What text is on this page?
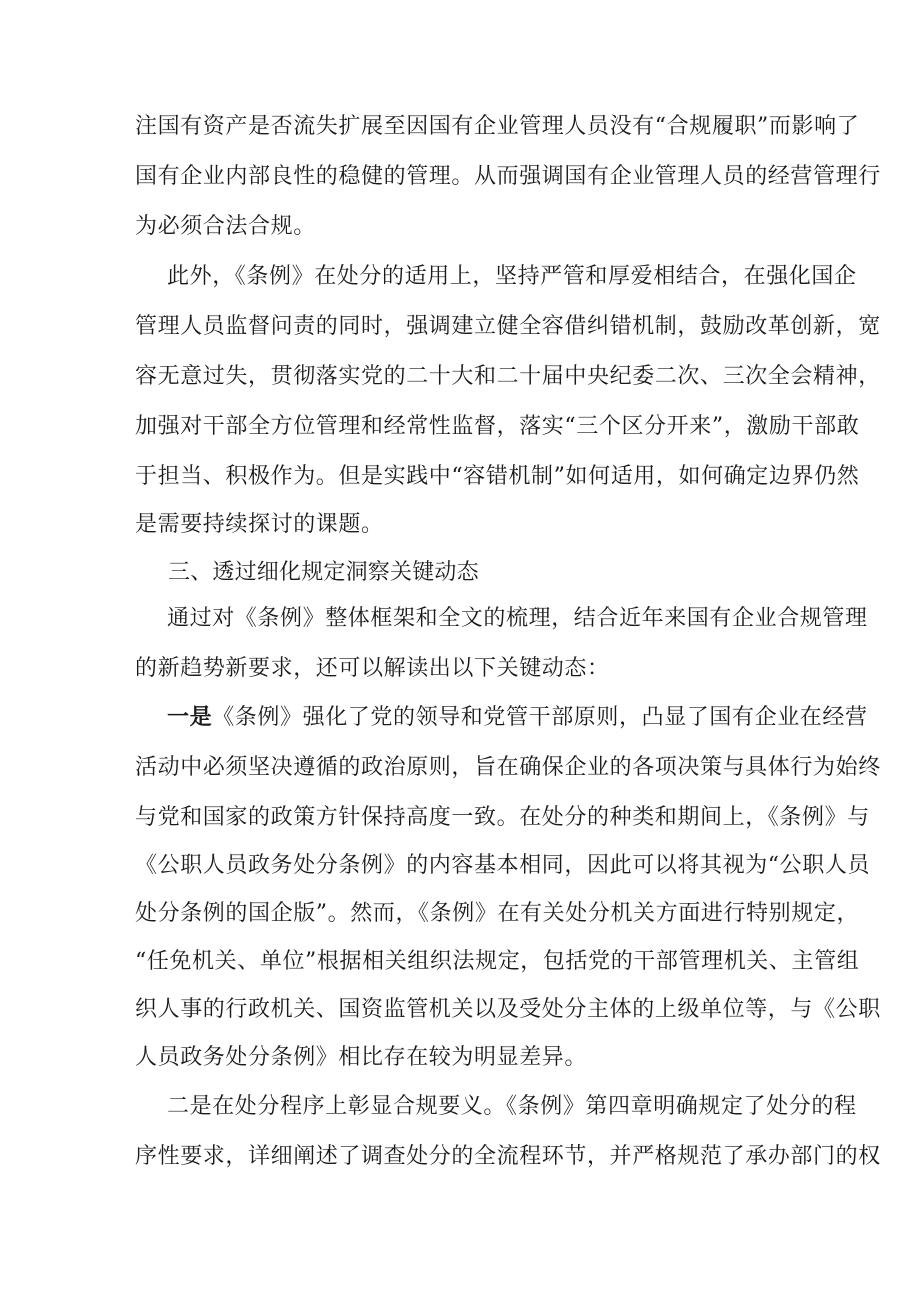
注国有资产是否流失扩展至因国有企业管理人员没有“合规履职”而影响了
国有企业内部良性的稳健的管理。从而强调国有企业管理人员的经营管理行
为必须合法合规。
此外，《条例》在处分的适用上，坚持严管和厚爱相结合，在强化国企
管理人员监督问责的同时，强调建立健全容借纠错机制，鼓励改革创新，宽
容无意过失，贯彻落实党的二十大和二十届中央纪委二次、三次全会精神，
加强对干部全方位管理和经常性监督，落实“三个区分开来”，激励干部敢
于担当、积极作为。但是实践中“容错机制”如何适用，如何确定边界仍然
是需要持续探讨的课题。
三、透过细化规定洞察关键动态
通过对《条例》整体框架和全文的梳理，结合近年来国有企业合规管理
的新趋势新要求，还可以解读出以下关键动态：
一是《条例》强化了党的领导和党管干部原则，凸显了国有企业在经营
活动中必须坚决遵循的政治原则，旨在确保企业的各项决策与具体行为始终
与党和国家的政策方针保持高度一致。在处分的种类和期间上，《条例》与
《公职人员政务处分条例》的内容基本相同，因此可以将其视为“公职人员
处分条例的国企版”。然而，《条例》在有关处分机关方面进行特别规定，
“任免机关、单位”根据相关组织法规定，包括党的干部管理机关、主管组
织人事的行政机关、国资监管机关以及受处分主体的上级单位等，与《公职
人员政务处分条例》相比存在较为明显差异。
二是在处分程序上彰显合规要义。《条例》第四章明确规定了处分的程
序性要求，详细阐述了调查处分的全流程环节，并严格规范了承办部门的权
